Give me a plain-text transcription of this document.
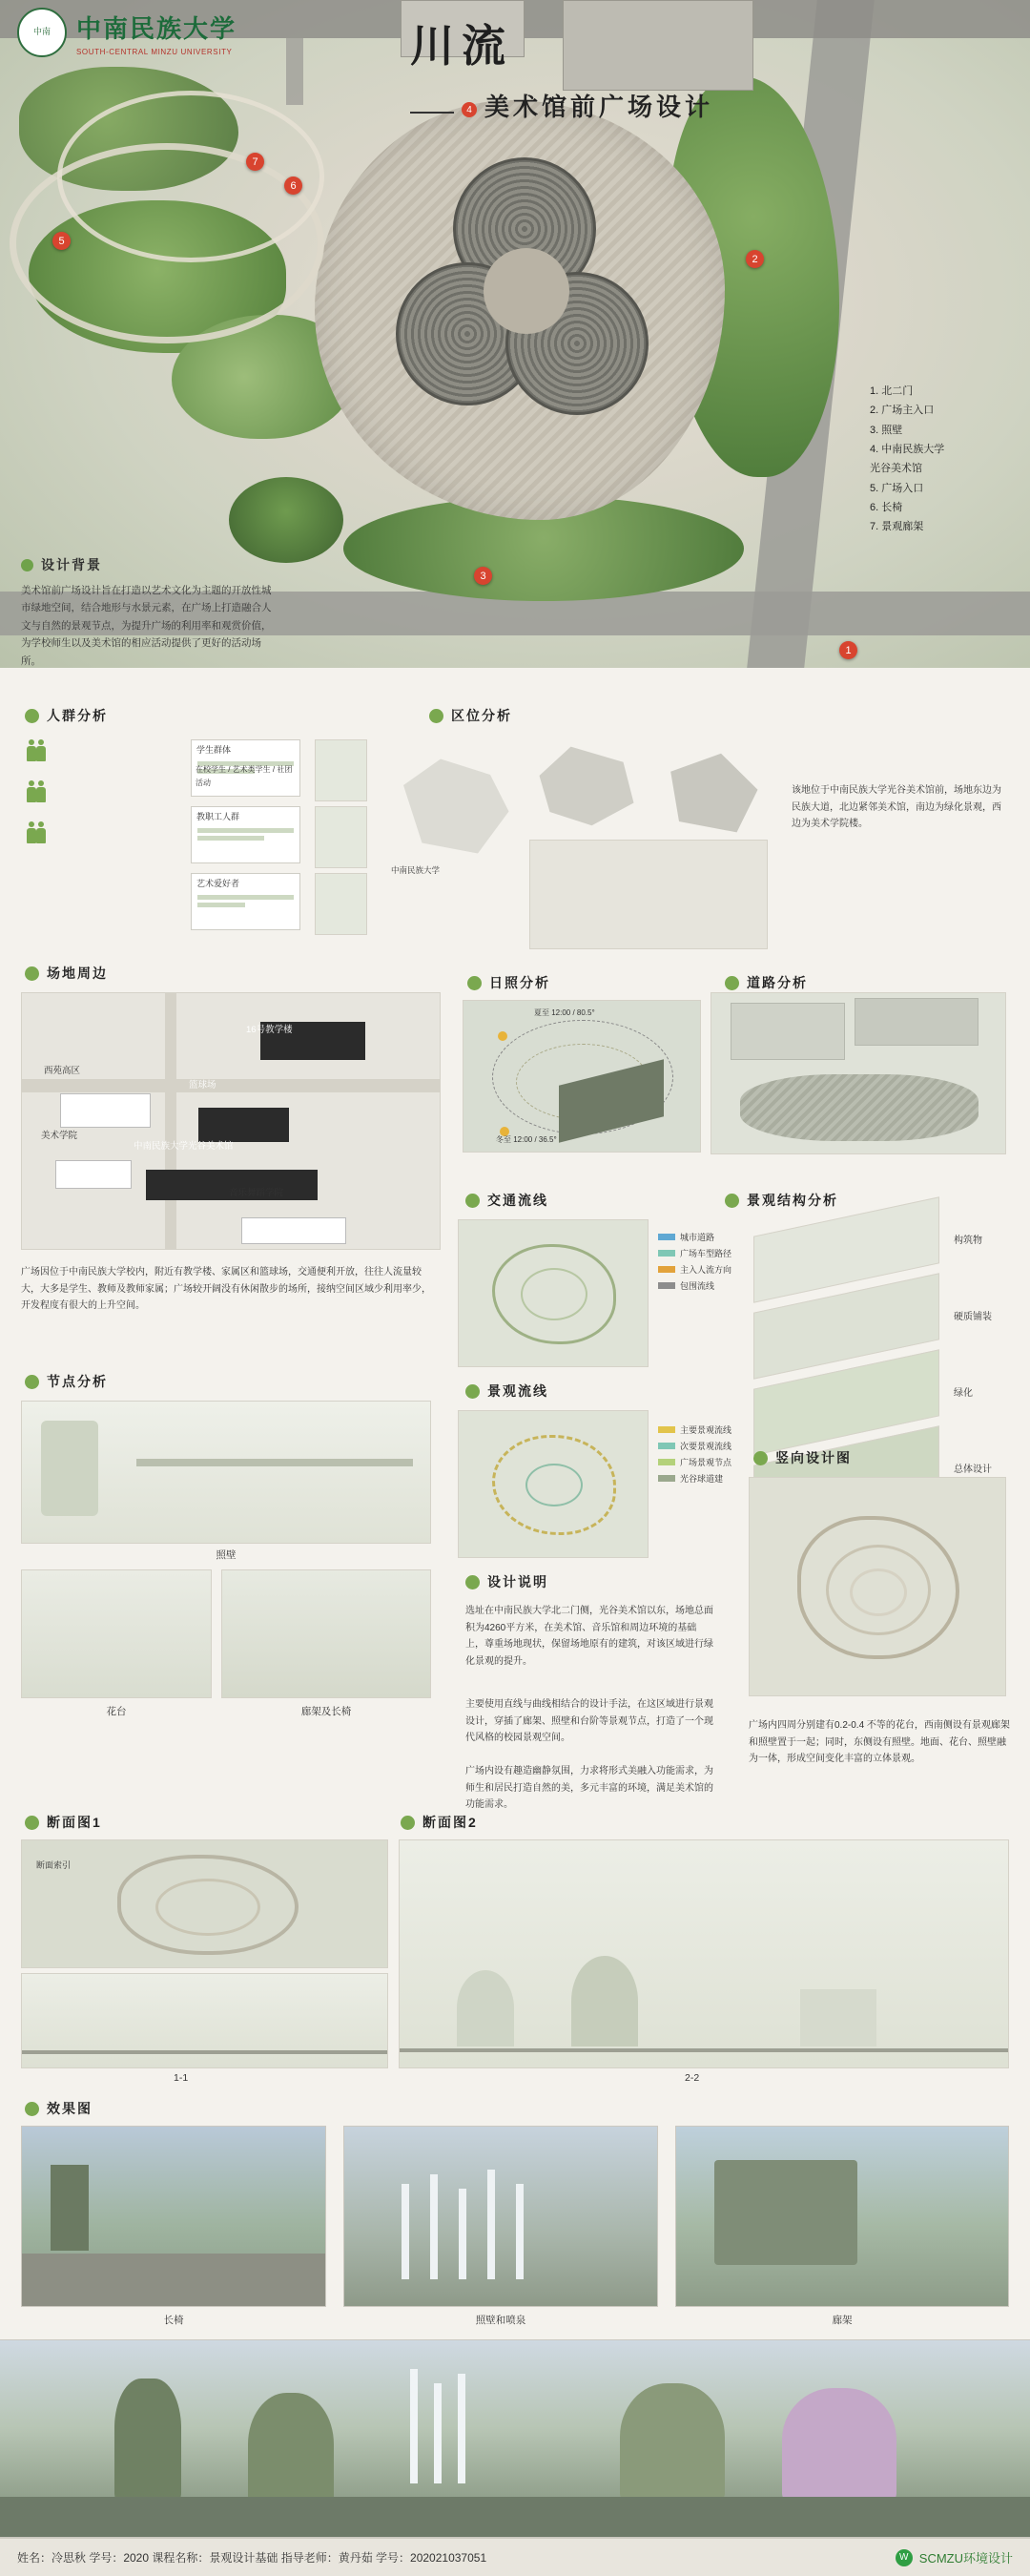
7
6
5
2
3
1
1. 北二门
2. 广场主入口
3. 照壁
4. 中南民族大学
光谷美术馆
5. 广场入口
6. 长椅
7. 景观廊架
设计背景
美术馆前广场设计旨在打造以艺术文化为主题的开放性城市绿地空间，结合地形与水景元素，在广场上打造融合人文与自然的景观节点，为提升广场的利用率和观赏价值，为学校师生以及美术馆的相应活动提供了更好的活动场所。
中南	中南民族大学
SOUTH-CENTRAL MINZU UNIVERSITY	川流
4 美术馆前广场设计
人群分析	区位分析
学生群体
教职工人群
艺术爱好者
在校学生 / 艺术类学生 / 社团活动
中南民族大学
该地位于中南民族大学光谷美术馆前，场地东边为民族大道，北边紧邻美术馆，南边为绿化景观，西边为美术学院楼。
场地周边
日照分析	道路分析
16号教学楼
西苑高区
篮球场
美术学院
中南民族大学光谷美术馆
音乐舞蹈学院
广场因位于中南民族大学校内，附近有教学楼、家属区和篮球场，交通便利开放，往往人流量较大，大多是学生、教师及教师家属；广场较开阔没有休闲散步的场所，接纳空间区域少利用率少，开发程度有很大的上升空间。
夏至 12:00 / 80.5°
冬至 12:00 / 36.5°
交通流线	景观结构分析
城市道路
广场车型路径
主入人流方向
包围流线
构筑物
硬质铺装
绿化
总体设计
景观流线
主要景观流线
次要景观流线
广场景观节点
光谷球道建
竖向设计图
广场内四周分别建有0.2-0.4 不等的花台，西南侧设有景观廊架和照壁置于一起；同时，东侧设有照壁。地面、花台、照壁融为一体，形成空间变化丰富的立体景观。
节点分析
照壁
花台	廊架及长椅
设计说明
选址在中南民族大学北二门侧，光谷美术馆以东，场地总面积为4260平方米，在美术馆、音乐馆和周边环境的基础上，尊重场地现状，保留场地原有的建筑，对该区域进行绿化景观的提升。
主要使用直线与曲线相结合的设计手法，在这区域进行景观设计，穿插了廊架、照壁和台阶等景观节点，打造了一个现代风格的校园景观空间。
广场内设有趣造幽静氛围，力求将形式美融入功能需求，为师生和居民打造自然的美，多元丰富的环境，满足美术馆的功能需求。
断面图1	断面图2
断面索引
1-1	2-2
效果图
长椅	照壁和喷泉	廊架
姓名：冷思秋 学号：2020 课程名称：景观设计基础 指导老师：黄丹茹 学号：202021037051	W SCMZU环境设计
